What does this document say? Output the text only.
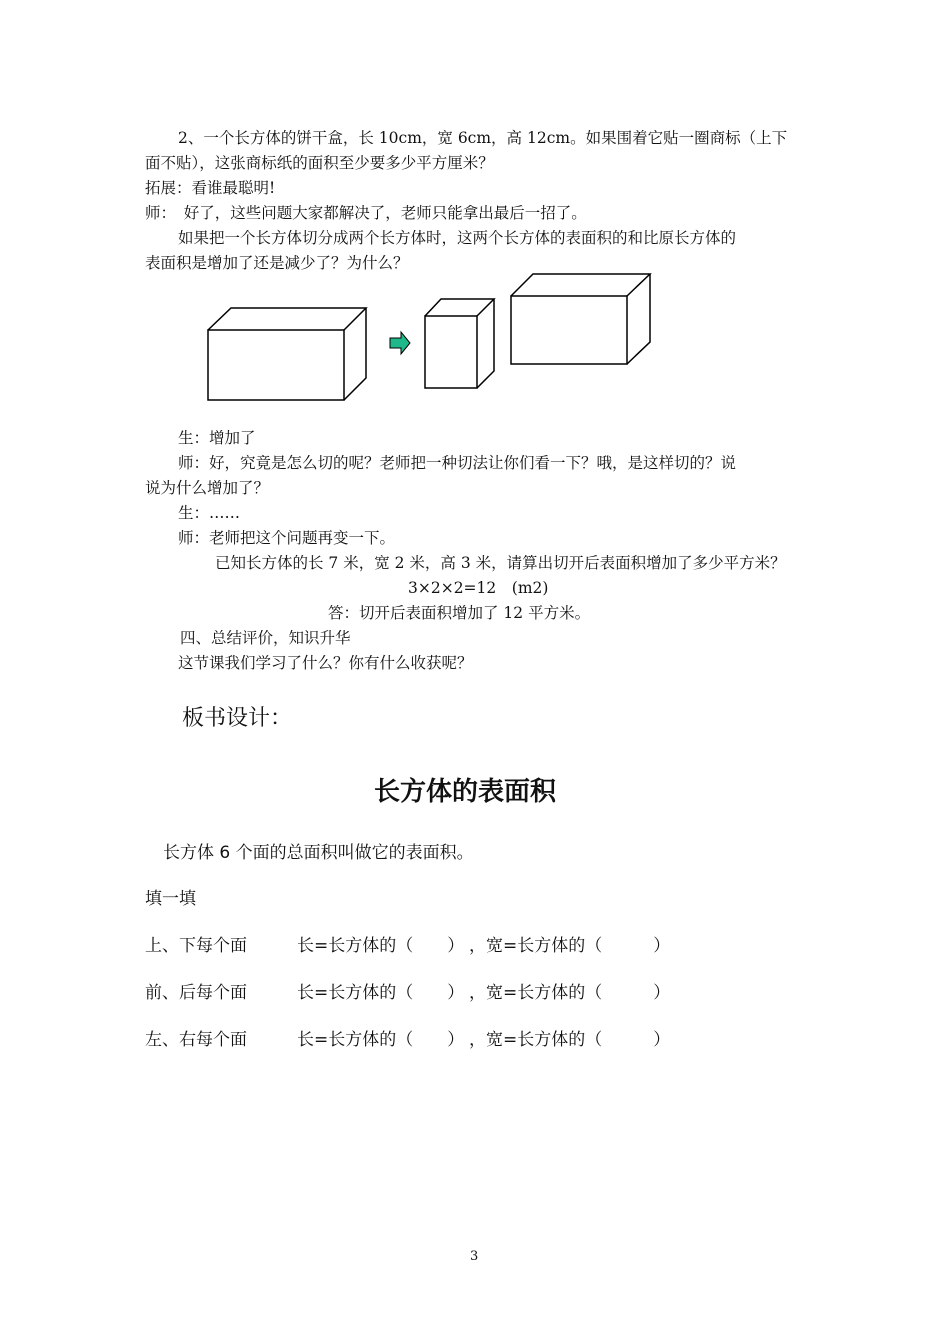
2、一个长方体的饼干盒，长 10cm，宽 6cm，高 12cm。如果围着它贴一圈商标（上下
面不贴），这张商标纸的面积至少要多少平方厘米？
拓展：看谁最聪明!
师：　好了，这些问题大家都解决了，老师只能拿出最后一招了。
如果把一个长方体切分成两个长方体时，这两个长方体的表面积的和比原长方体的
表面积是增加了还是减少了？为什么？
生：增加了
师：好，究竟是怎么切的呢？老师把一种切法让你们看一下？哦，是这样切的？说
说为什么增加了？
生：……
师：老师把这个问题再变一下。
已知长方体的长 7 米，宽 2 米，高 3 米，请算出切开后表面积增加了多少平方米？
3×2×2=12　(m2)
答：切开后表面积增加了 12 平方米。
四、总结评价，知识升华
这节课我们学习了什么？你有什么收获呢？
板书设计：
长方体的表面积
长方体 6 个面的总面积叫做它的表面积。
填一填
上、下每个面	长=长方体的（　　） ，宽=长方体的（　　　）
前、后每个面	长=长方体的（　　） ，宽=长方体的（　　　）
左、右每个面	长=长方体的（　　） ，宽=长方体的（　　　）
3
